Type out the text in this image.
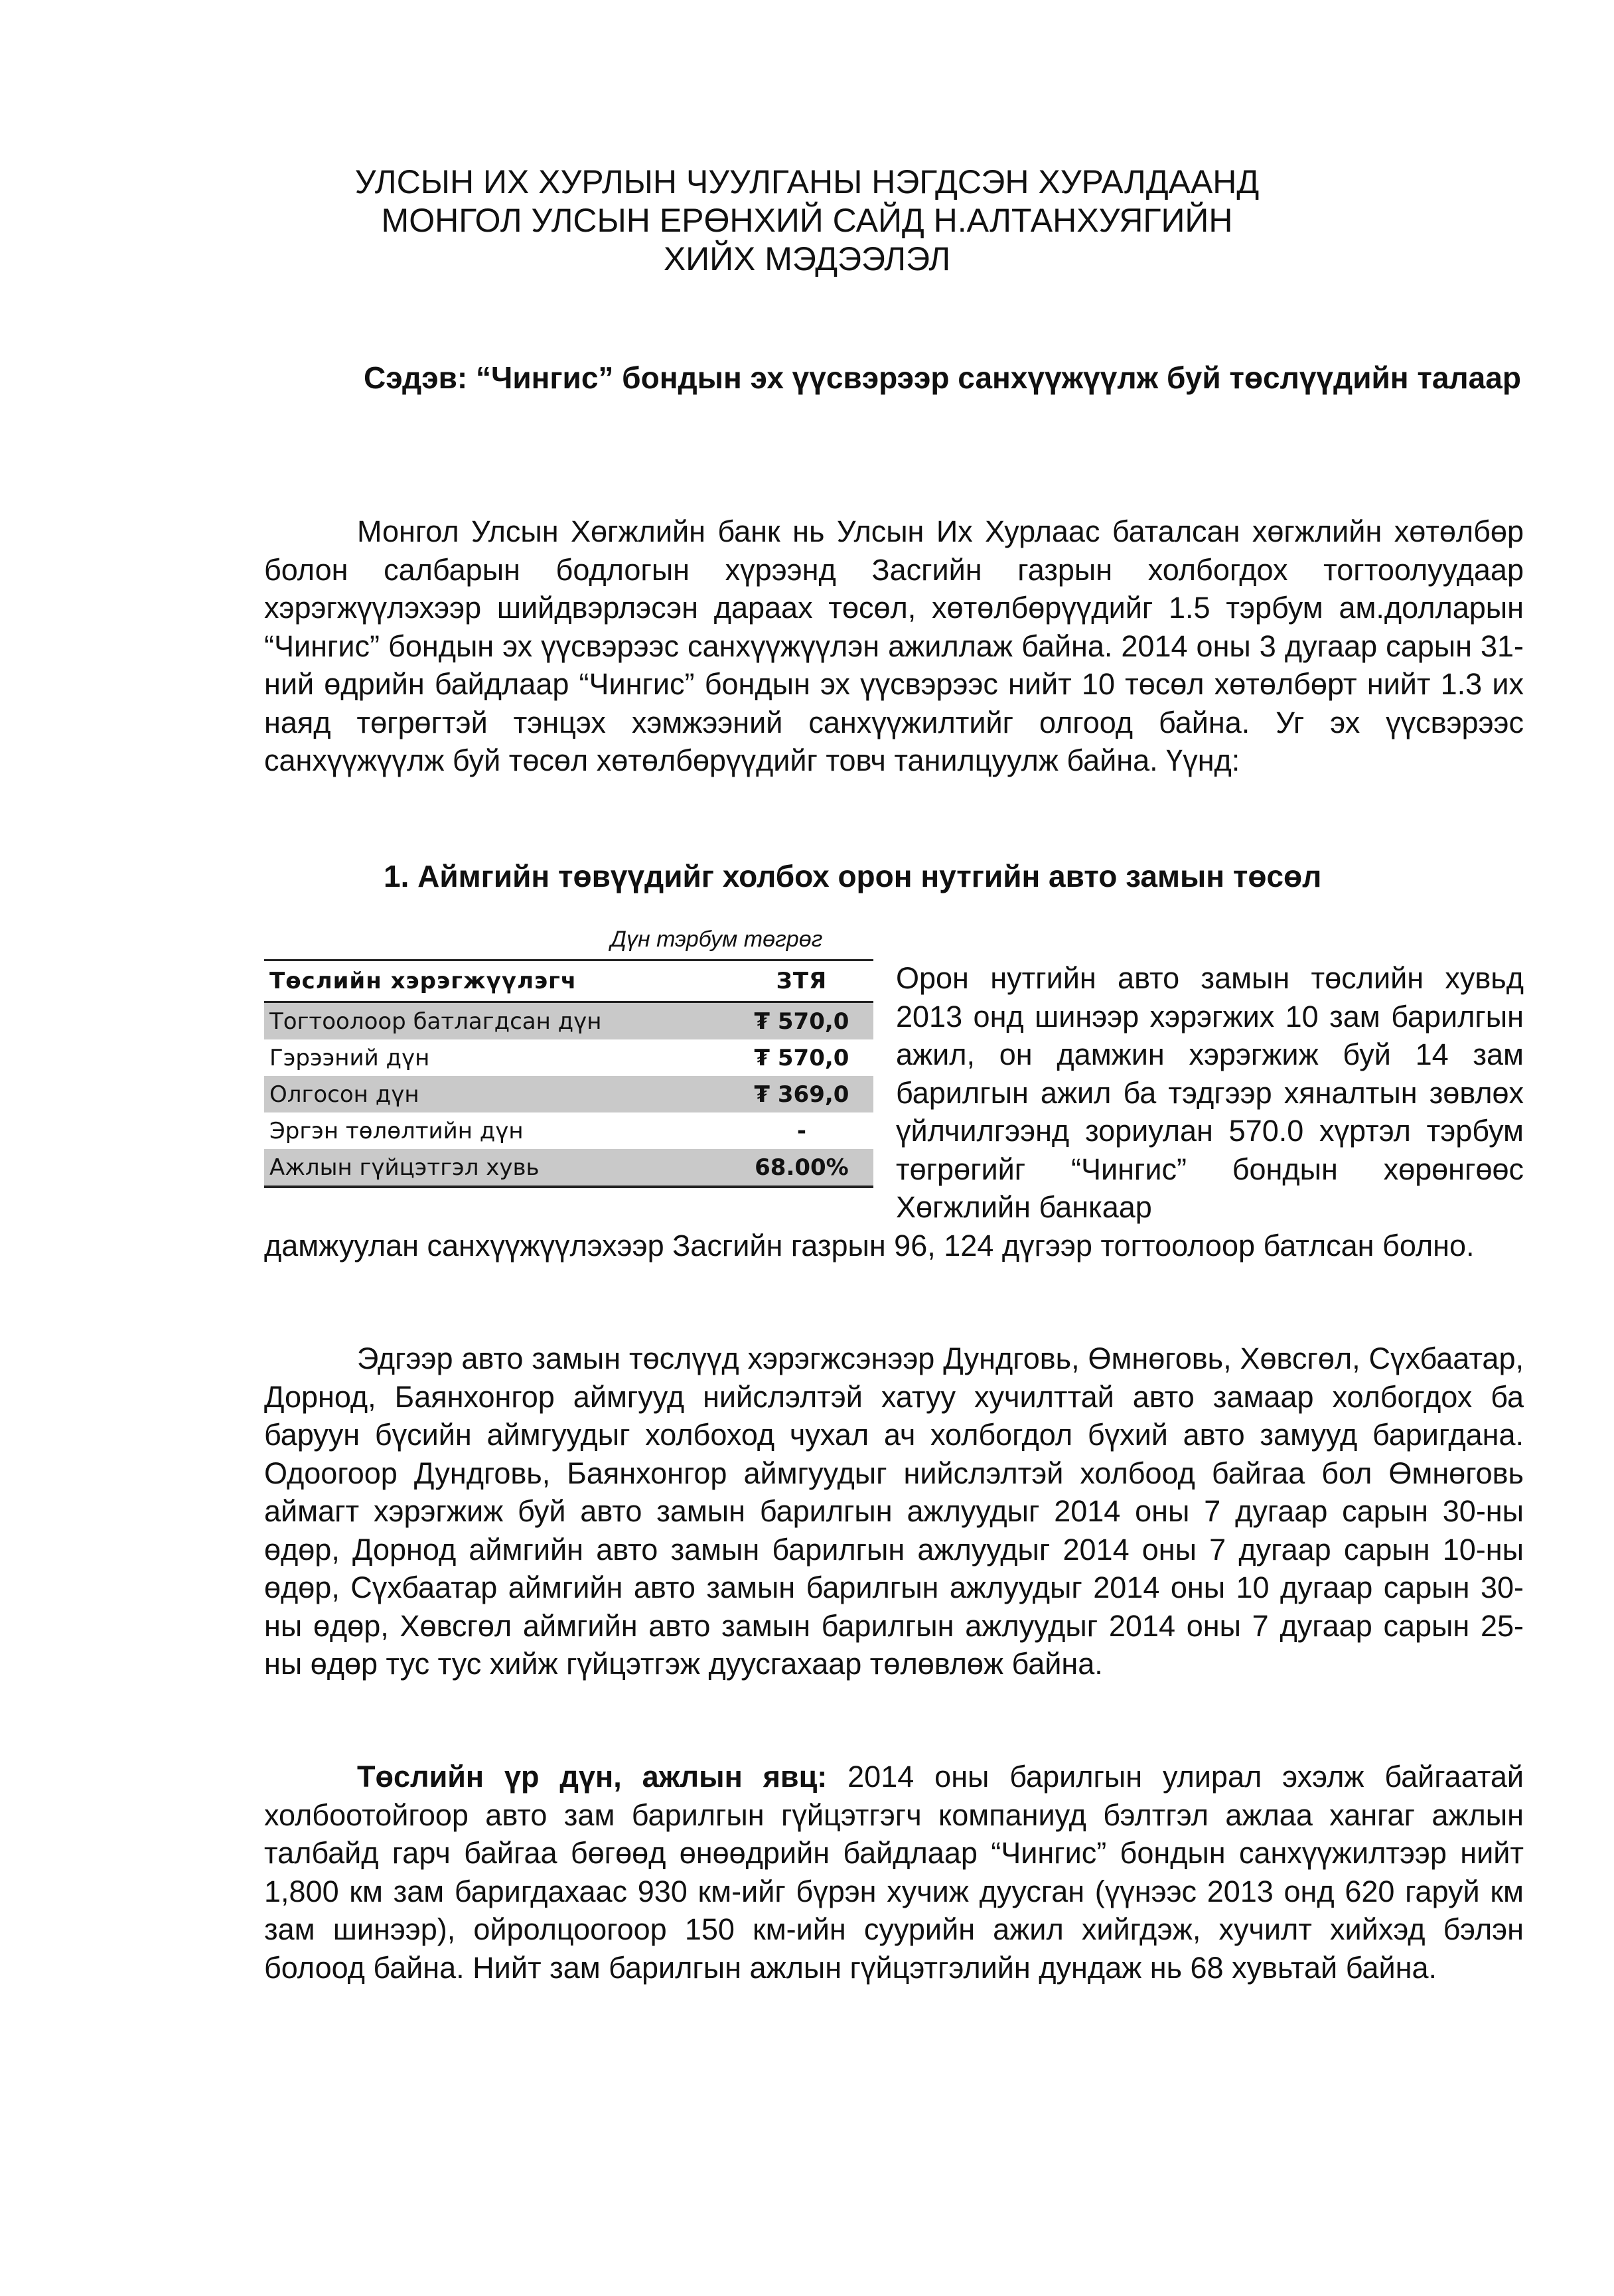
УЛСЫН ИХ ХУРЛЫН ЧУУЛГАНЫ НЭГДСЭН ХУРАЛДААНД
МОНГОЛ УЛСЫН ЕРӨНХИЙ САЙД Н.АЛТАНХУЯГИЙН
ХИЙХ МЭДЭЭЛЭЛ
Сэдэв: “Чингис” бондын эх үүсвэрээр санхүүжүүлж буй төслүүдийн талаар

Монгол Улсын Хөгжлийн банк нь Улсын Их Хурлаас баталсан хөгжлийн хөтөлбөр болон салбарын бодлогын хүрээнд Засгийн газрын холбогдох тогтоолуудаар хэрэгжүүлэхээр шийдвэрлэсэн дараах төсөл, хөтөлбөрүүдийг 1.5 тэрбум ам.долларын “Чингис” бондын эх үүсвэрээс санхүүжүүлэн ажиллаж байна. 2014 оны 3 дугаар сарын 31-ний өдрийн байдлаар “Чингис” бондын эх үүсвэрээс нийт 10 төсөл хөтөлбөрт нийт 1.3 их наяд төгрөгтэй тэнцэх хэмжээний санхүүжилтийг олгоод байна. Уг эх үүсвэрээс санхүүжүүлж буй төсөл хөтөлбөрүүдийг товч танилцуулж байна. Үүнд:

1. Аймгийн төвүүдийг холбох орон нутгийн авто замын төсөл
Дүн тэрбум төгрөг
Төслийн хэрэгжүүлэгч	ЗТЯ
Тогтоолоор батлагдсан дүн	₮ 570,0
Гэрээний дүн	₮ 570,0
Олгосон дүн	₮ 369,0
Эргэн төлөлтийн дүн	-
Ажлын гүйцэтгэл хувь	68.00%

Орон нутгийн авто замын төслийн хувьд 2013 онд шинээр хэрэгжих 10 зам барилгын ажил, он дамжин хэрэгжиж буй 14 зам барилгын ажил ба тэдгээр хяналтын зөвлөх үйлчилгээнд зориулан 570.0 хүртэл тэрбум төгрөгийг “Чингис” бондын хөрөнгөөс Хөгжлийн банкаар

дамжуулан санхүүжүүлэхээр Засгийн газрын 96, 124 дүгээр тогтоолоор батлсан болно.

Эдгээр авто замын төслүүд хэрэгжсэнээр Дундговь, Өмнөговь, Хөвсгөл, Сүхбаатар, Дорнод, Баянхонгор аймгууд нийслэлтэй хатуу хучилттай авто замаар холбогдох ба баруун бүсийн аймгуудыг холбоход чухал ач холбогдол бүхий авто замууд баригдана. Одоогоор Дундговь, Баянхонгор аймгуудыг нийслэлтэй холбоод байгаа бол Өмнөговь аймагт хэрэгжиж буй авто замын барилгын ажлуудыг 2014 оны 7 дугаар сарын 30-ны өдөр, Дорнод аймгийн авто замын барилгын ажлуудыг 2014 оны 7 дугаар сарын 10-ны өдөр, Сүхбаатар аймгийн авто замын барилгын ажлуудыг 2014 оны 10 дугаар сарын 30-ны өдөр, Хөвсгөл аймгийн авто замын барилгын ажлуудыг 2014 оны 7 дугаар сарын 25-ны өдөр тус тус хийж гүйцэтгэж дуусгахаар төлөвлөж байна.

Төслийн үр дүн, ажлын явц: 2014 оны барилгын улирал эхэлж байгаатай холбоотойгоор авто зам барилгын гүйцэтгэгч компаниуд бэлтгэл ажлаа хангаг ажлын талбайд гарч байгаа бөгөөд өнөөдрийн байдлаар “Чингис” бондын санхүүжилтээр нийт 1,800 км зам баригдахаас 930 км-ийг бүрэн хучиж дуусган (үүнээс 2013 онд 620 гаруй км зам шинээр), ойролцоогоор 150 км-ийн суурийн ажил хийгдэж, хучилт хийхэд бэлэн болоод байна. Нийт зам барилгын ажлын гүйцэтгэлийн дундаж нь 68 хувьтай байна.
